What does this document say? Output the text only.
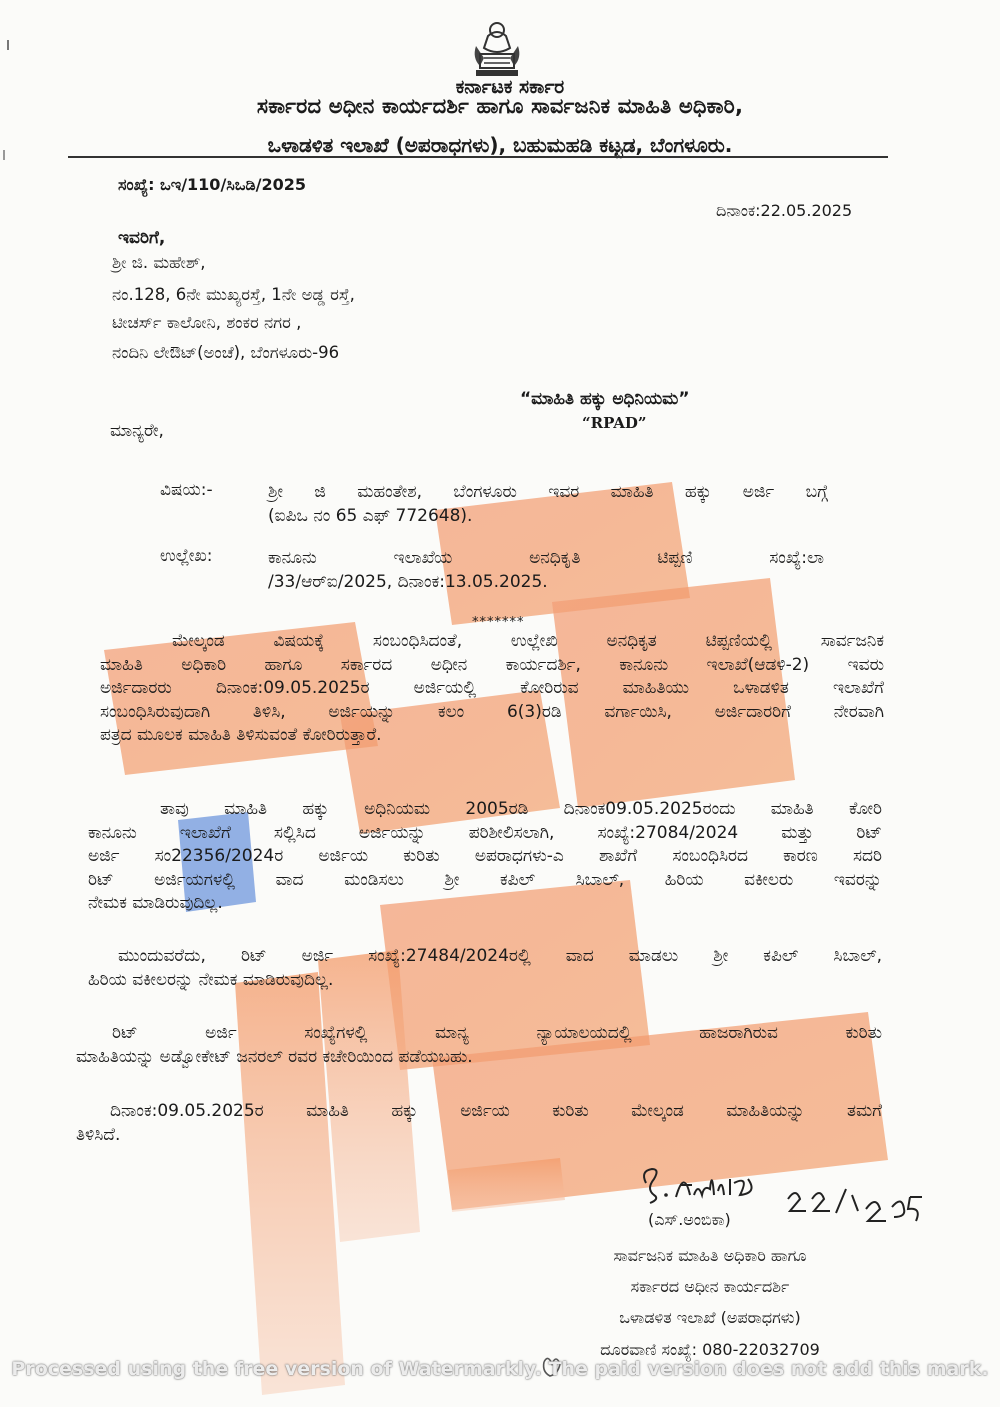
ಕರ್ನಾಟಕ ಸರ್ಕಾರ
ಸರ್ಕಾರದ ಅಧೀನ ಕಾರ್ಯದರ್ಶಿ ಹಾಗೂ ಸಾರ್ವಜನಿಕ ಮಾಹಿತಿ ಅಧಿಕಾರಿ,
ಒಳಾಡಳಿತ ಇಲಾಖೆ (ಅಪರಾಧಗಳು), ಬಹುಮಹಡಿ ಕಟ್ಟಡ, ಬೆಂಗಳೂರು.
ಸಂಖ್ಯೆ: ಒಇ/110/ಸಿಒಡಿ/2025
ದಿನಾಂಕ:22.05.2025
ಇವರಿಗೆ,
ಶ್ರೀ ಜಿ. ಮಹೇಶ್,
ನಂ.128, 6ನೇ ಮುಖ್ಯರಸ್ತೆ, 1ನೇ ಅಡ್ಡ ರಸ್ತೆ,
ಟೀಚರ್ಸ್ ಕಾಲೋನಿ, ಶಂಕರ ನಗರ ,
ನಂದಿನಿ ಲೇಔಟ್(ಅಂಚೆ), ಬೆಂಗಳೂರು-96
“ಮಾಹಿತಿ ಹಕ್ಕು ಅಧಿನಿಯಮ”
“RPAD”
ಮಾನ್ಯರೇ,
ವಿಷಯ:-	ಶ್ರೀ ಜಿ ಮಹಂತೇಶ, ಬೆಂಗಳೂರು ಇವರ ಮಾಹಿತಿ ಹಕ್ಕು ಅರ್ಜಿ ಬಗ್ಗೆ
(ಐಪಿಒ ನಂ 65 ಎಫ್ 772648).
ಉಲ್ಲೇಖ:	ಕಾನೂನು ಇಲಾಖೆಯ ಅನಧಿಕೃತಿ ಟಿಪ್ಪಣಿ ಸಂಖ್ಯೆ:ಲಾ
/33/ಆರ್‌ಐ/2025, ದಿನಾಂಕ:13.05.2025.
*******
ಮೇಲ್ಕಂಡ ವಿಷಯಕ್ಕೆ ಸಂಬಂಧಿಸಿದಂತೆ, ಉಲ್ಲೇಖಿ ಅನಧಿಕೃತ ಟಿಪ್ಪಣಿಯಲ್ಲಿ ಸಾರ್ವಜನಿಕ
ಮಾಹಿತಿ ಅಧಿಕಾರಿ ಹಾಗೂ ಸರ್ಕಾರದ ಅಧೀನ ಕಾರ್ಯದರ್ಶಿ, ಕಾನೂನು ಇಲಾಖೆ(ಆಡಳಿ-2) ಇವರು
ಅರ್ಜಿದಾರರು ದಿನಾಂಕ:09.05.2025ರ ಅರ್ಜಿಯಲ್ಲಿ ಕೋರಿರುವ ಮಾಹಿತಿಯು ಒಳಾಡಳಿತ ಇಲಾಖೆಗೆ
ಸಂಬಂಧಿಸಿರುವುದಾಗಿ ತಿಳಿಸಿ, ಅರ್ಜಿಯನ್ನು ಕಲಂ 6(3)ರಡಿ ವರ್ಗಾಯಿಸಿ, ಅರ್ಜಿದಾರರಿಗೆ ನೇರವಾಗಿ
ಪತ್ರದ ಮೂಲಕ ಮಾಹಿತಿ ತಿಳಿಸುವಂತೆ ಕೋರಿರುತ್ತಾರೆ.
ತಾವು ಮಾಹಿತಿ ಹಕ್ಕು ಅಧಿನಿಯಮ 2005ರಡಿ ದಿನಾಂಕ09.05.2025ರಂದು ಮಾಹಿತಿ ಕೋರಿ
ಕಾನೂನು ಇಲಾಖೆಗೆ ಸಲ್ಲಿಸಿದ ಅರ್ಜಿಯನ್ನು ಪರಿಶೀಲಿಸಲಾಗಿ, ಸಂಖ್ಯೆ:27084/2024 ಮತ್ತು ರಿಟ್
ಅರ್ಜಿ ಸಂ22356/2024ರ ಅರ್ಜಿಯ ಕುರಿತು ಅಪರಾಧಗಳು-ಎ ಶಾಖೆಗೆ ಸಂಬಂಧಿಸಿರದ ಕಾರಣ ಸದರಿ
ರಿಟ್ ಅರ್ಜಿಯಗಳಲ್ಲಿ ವಾದ ಮಂಡಿಸಲು ಶ್ರೀ ಕಪಿಲ್ ಸಿಬಾಲ್, ಹಿರಿಯ ವಕೀಲರು ಇವರನ್ನು
ನೇಮಕ ಮಾಡಿರುವುದಿಲ್ಲ.
ಮುಂದುವರೆದು, ರಿಟ್ ಅರ್ಜಿ ಸಂಖ್ಯೆ:27484/2024ರಲ್ಲಿ ವಾದ ಮಾಡಲು ಶ್ರೀ ಕಪಿಲ್ ಸಿಬಾಲ್,
ಹಿರಿಯ ವಕೀಲರನ್ನು ನೇಮಕ ಮಾಡಿರುವುದಿಲ್ಲ.
ರಿಟ್ ಅರ್ಜಿ ಸಂಖ್ಯೆಗಳಲ್ಲಿ ಮಾನ್ಯ ನ್ಯಾಯಾಲಯದಲ್ಲಿ ಹಾಜರಾಗಿರುವ ಕುರಿತು
ಮಾಹಿತಿಯನ್ನು ಅಡ್ವೋಕೇಟ್ ಜನರಲ್ ರವರ ಕಚೇರಿಯಿಂದ ಪಡೆಯಬಹು.
ದಿನಾಂಕ:09.05.2025ರ ಮಾಹಿತಿ ಹಕ್ಕು ಅರ್ಜಿಯ ಕುರಿತು ಮೇಲ್ಕಂಡ ಮಾಹಿತಿಯನ್ನು ತಮಗೆ
ತಿಳಿಸಿದೆ.
(ಎಸ್.ಅಂಬಿಕಾ)
ಸಾರ್ವಜನಿಕ ಮಾಹಿತಿ ಅಧಿಕಾರಿ ಹಾಗೂ
ಸರ್ಕಾರದ ಅಧೀನ ಕಾರ್ಯದರ್ಶಿ
ಒಳಾಡಳಿತ ಇಲಾಖೆ (ಅಪರಾಧಗಳು)
ದೂರವಾಣಿ ಸಂಖ್ಯೆ: 080-22032709
Processed using the free version of Watermarkly. The paid version does not add this mark.
